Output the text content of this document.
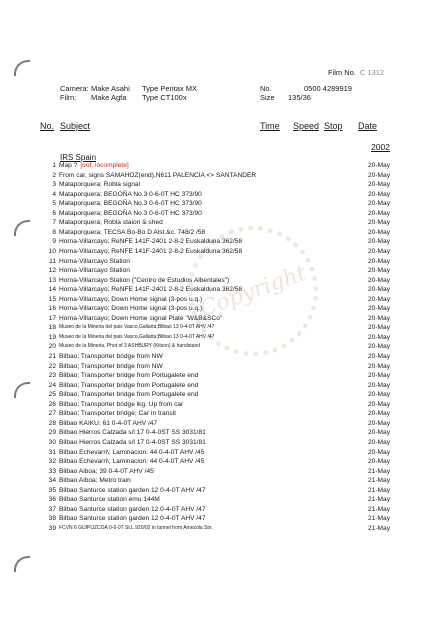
Copyright
Film No. C 1312
Camera: Make Asahi Type Pentax MX	No.	0500 4289919
Film: Make Agfa Type CT100x	Size 135/36
No. Subject	Time Speed Stop Date
2002
IRS Spain
1 Map ? [oof, incomplete]	20-May
2 From car, signs SAMAHOZ(end),N611 PALENCIA <> SANTANDER	20-May
3 Mataporquera; Robla signal	20-May
4 Mataporquera; BEGOÑA No.3 0-6-0T HC 373/90	20-May
5 Mataporquera; BEGOÑA No.3 0-6-0T HC 373/90	20-May
6 Mataporquera; BEGOÑA No.3 0-6-0T HC 373/90	20-May
7 Mataporquera; Robla staion & shed	20-May
8 Mataporquera; TECSA Bo-Bo D Alst.&c. 748/2 /58	20-May
9 Horna-Villarcayo; ReNFE 141F-2401 2-8-2 Euskalduna 362/58	20-May
10 Horna-Villarcayo; ReNFE 141F-2401 2-8-2 Euskalduna 362/58	20-May
11 Horna-Villarcayo Station	20-May
12 Horna-Villarcayo Station	20-May
13 Horna-Villarcayo Station ("Centro de Estudios Albentales")	20-May
14 Horna-Villarcayo; ReNFE 141F-2401 2-8-2 Euskalduna 362/58	20-May
15 Horna-Villarcayo; Down Home signal (3-pos u.q.)	20-May
16 Horna-Villarcayo; Down Home signal (3-pos u.q.)	20-May
17 Horna-Villarcayo; Down Home signal Plate "W&B&SCo"	20-May
18 Museo de la Mineria del pais Vasco,Gallarta;Bilbao 13 0-4-0T AHV /47	20-May
19 Museo de la Mineria del pais Vasco,Gallarta;Bilbao 13 0-4-0T AHV /47	20-May
20 Museo de la Mineria, Phot of 3 ASHBURY (Kitson) & handstand	20-May
21 Bilbao; Transporter bridge from NW	20-May
22 Bilbao; Transporter bridge from NW	20-May
23 Bilbao; Transporter bridge from Portugalete end	20-May
24 Bilbao; Transporter bridge from Portugalete end	20-May
25 Bilbao; Transporter bridge from Portugalete end	20-May
26 Bilbao; Transporter bridge lkg. Up from car	20-May
27 Bilbao; Transporter bridge; Car in transit	20-May
28 Bilbao KAIKU; 61 0-4-0T AHV /47	20-May
29 Bilbao Hierros Calzada s/l 17 0-4-0ST SS 3031/81	20-May
30 Bilbao Hierros Calzada s/l 17 0-4-0ST SS 3031/81	20-May
31 Bilbao Echevarri\; Laminacion: 44 0-4-0T AHV /45	20-May
32 Bilbao Echevarri\; Laminacion: 44 0-4-0T AHV /45	20-May
33 Bilbao Aiboa; 39 0-4-0T AHV /45	21-May
34 Bilbao Aiboa; Metro train	21-May
35 Bilbao Santurce station garden 12 0-4-0T AHV /47	21-May
36 Bilbao Santurce station emu 144M	21-May
37 Bilbao Santurce station garden 12 0-4-0T AHV /47	21-May
38 Bilbao Santurce station garden 12 0-4-0T AHV /47	21-May
39 FCVN 6 GUIPUZCOA 0-6-0T St.L 920/02 in tunnel from Amezola Stn.	21-May
